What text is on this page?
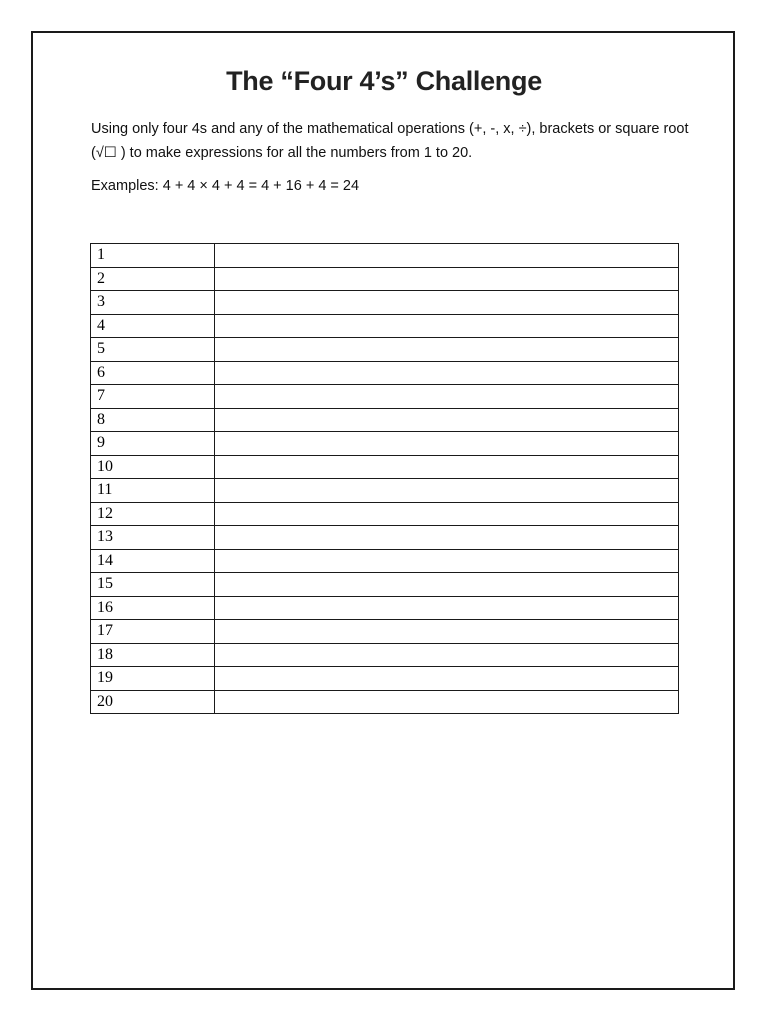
The “Four 4’s” Challenge

Using only four 4s and any of the mathematical operations (+, -, x, ÷), brackets or square root (√☐ ) to make expressions for all the numbers from 1 to 20.

Examples: 4 + 4 × 4 + 4 = 4 + 16 + 4 = 24

1	
2	
3	
4	
5	
6	
7	
8	
9	
10	
11	
12	
13	
14	
15	
16	
17	
18	
19	
20	
